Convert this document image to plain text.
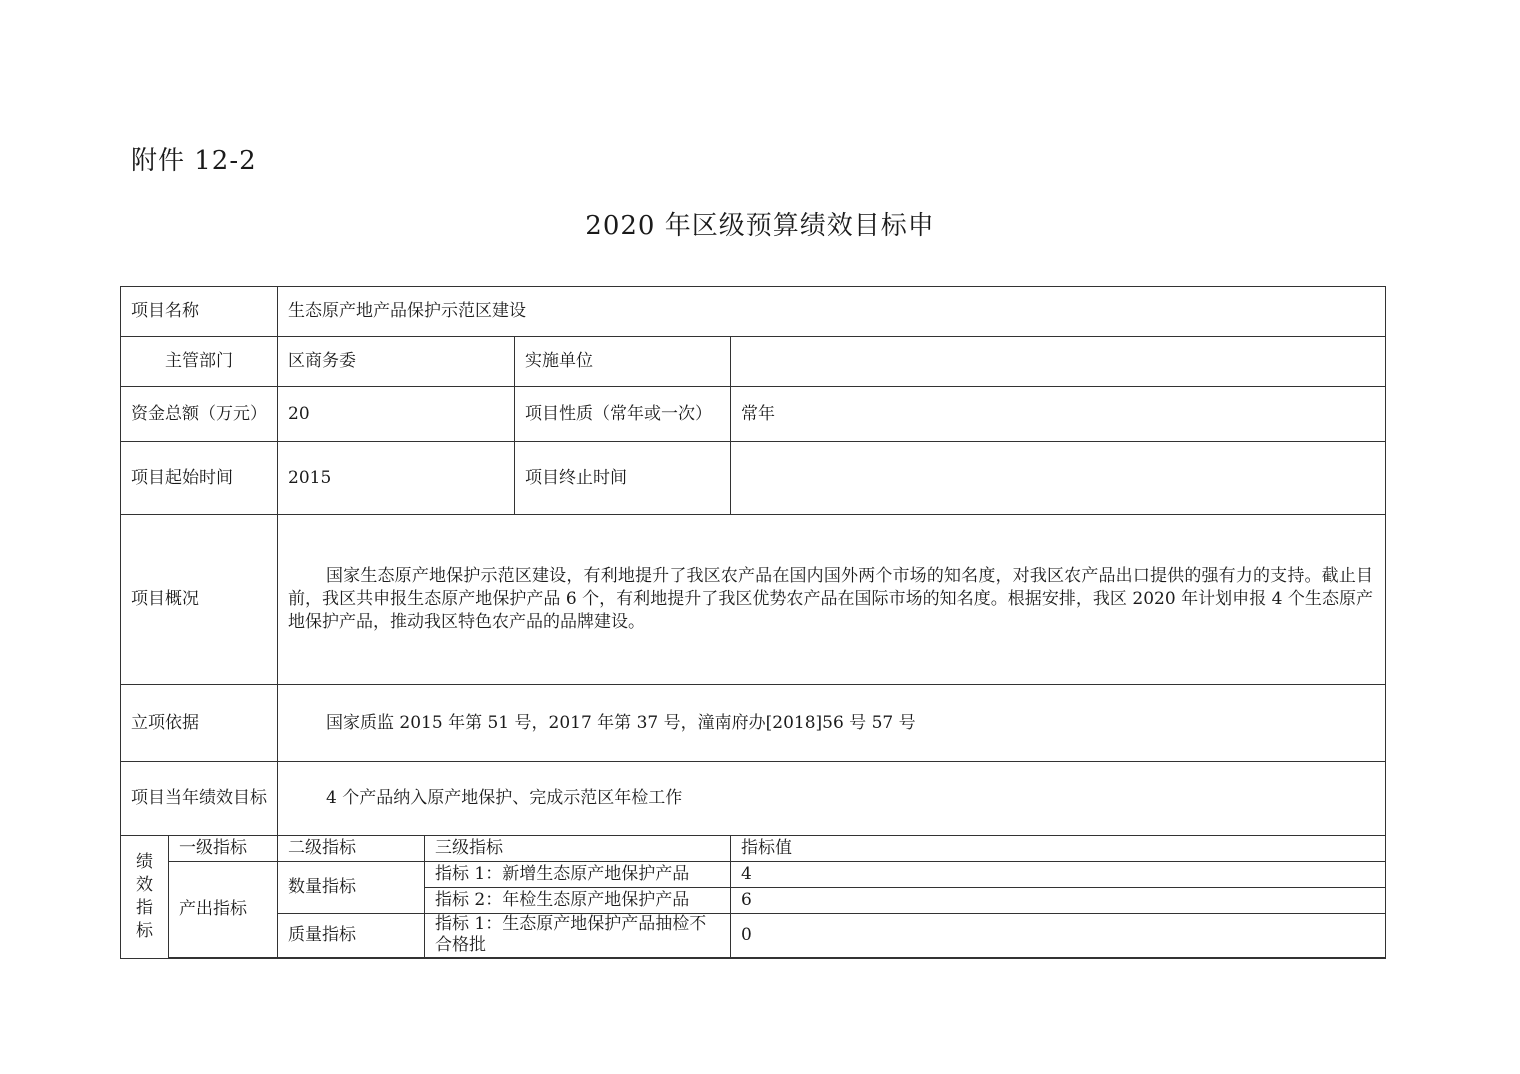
附件 12-2
2020 年区级预算绩效目标申
项目名称		生态原产地产品保护示范区建设			
主管部门		区商务委		实施单位	
资金总额（万元）		20		项目性质（常年或一次）	常年
项目起始时间		2015		项目终止时间	
项目概况		国家生态原产地保护示范区建设，有利地提升了我区农产品在国内国外两个市场的知名度，对我区农产品出口提供的强有力的支持。截止目前，我区共申报生态原产地保护产品 6 个，有利地提升了我区优势农产品在国际市场的知名度。根据安排，我区 2020 年计划申报 4 个生态原产地保护产品，推动我区特色农产品的品牌建设。			
立项依据		国家质监 2015 年第 51 号，2017 年第 37 号，潼南府办[2018]56 号 57 号			
项目当年绩效目标		4 个产品纳入原产地保护、完成示范区年检工作			

绩
效
指
标	一级指标	二级指标	三级指标		指标值
	产出指标	数量指标	指标 1：新增生态原产地保护产品		4
			指标 2：年检生态原产地保护产品		6
		质量指标	指标 1：生态原产地保护产品抽检不合格批		0
